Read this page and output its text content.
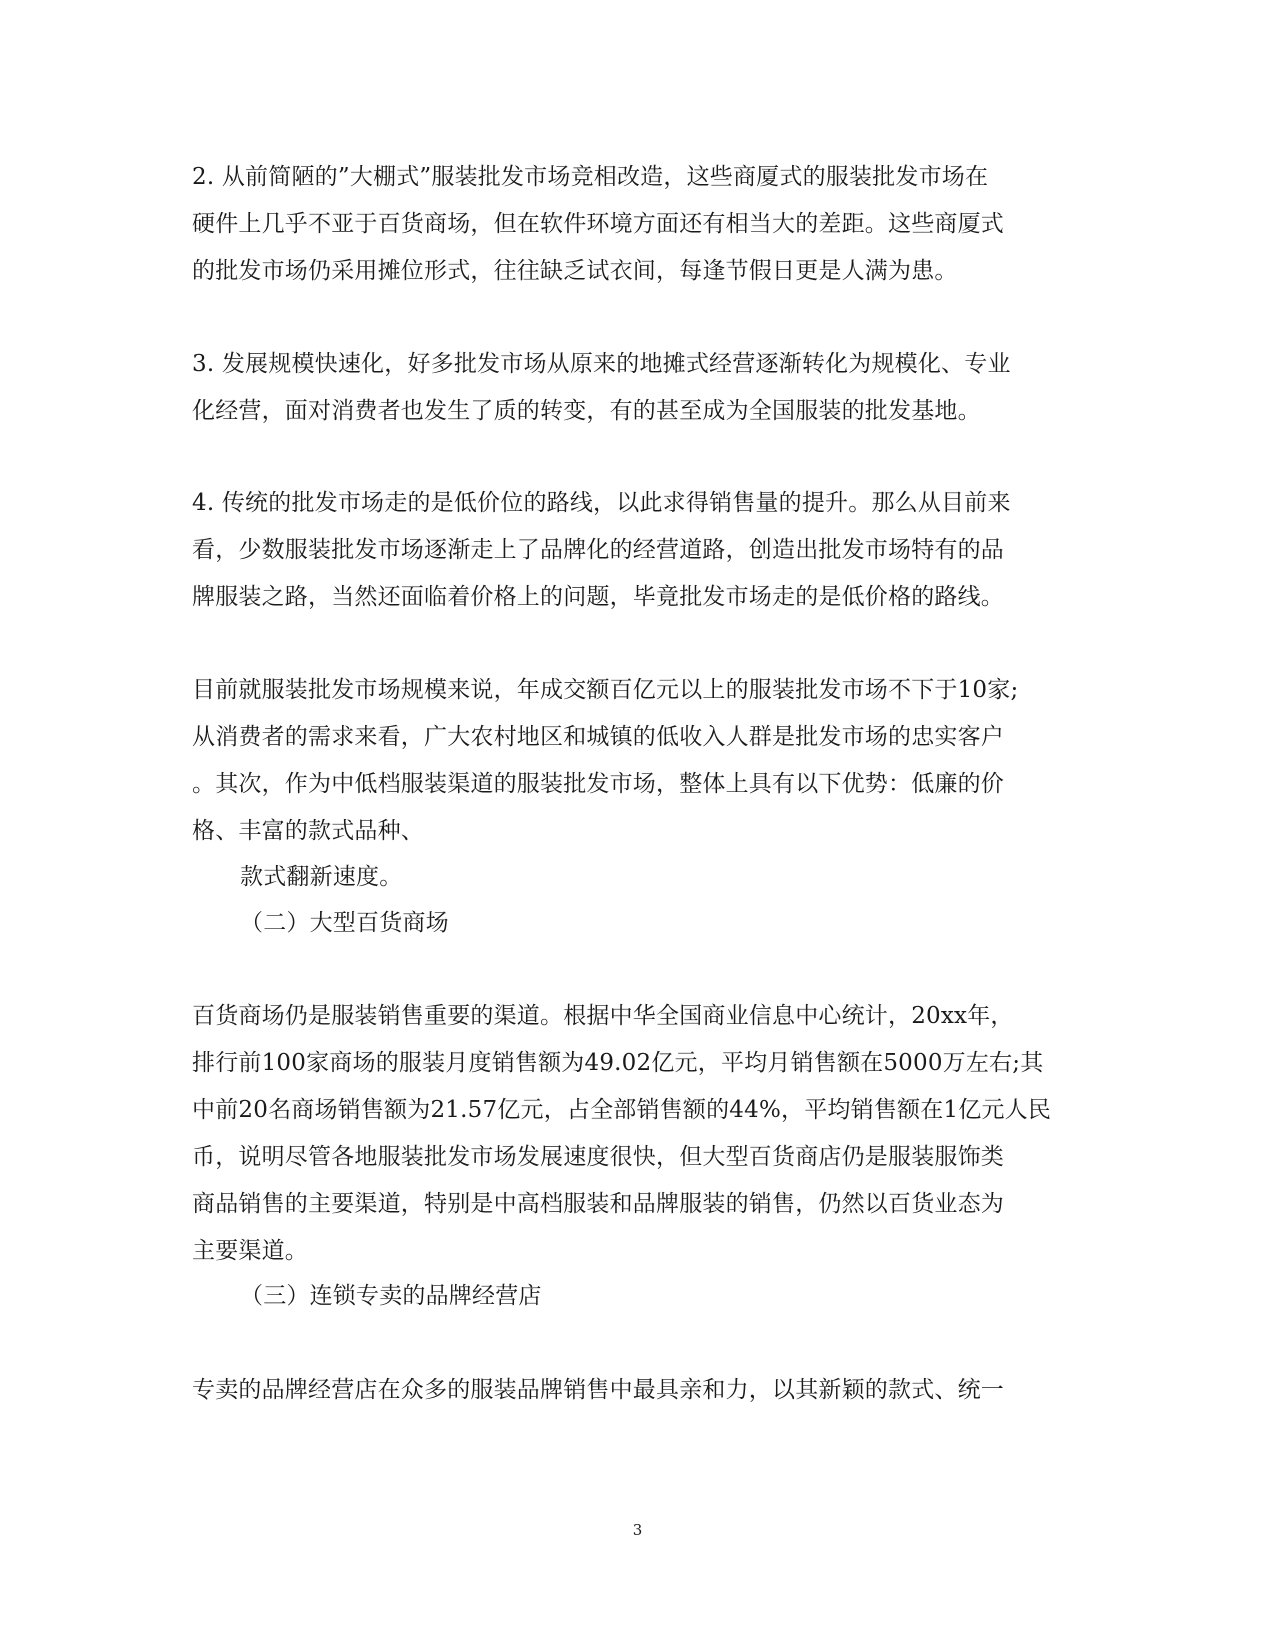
2. 从前简陋的”大棚式”服装批发市场竞相改造，这些商厦式的服装批发市场在

硬件上几乎不亚于百货商场，但在软件环境方面还有相当大的差距。这些商厦式

的批发市场仍采用摊位形式，往往缺乏试衣间，每逢节假日更是人满为患。

3. 发展规模快速化，好多批发市场从原来的地摊式经营逐渐转化为规模化、专业

化经营，面对消费者也发生了质的转变，有的甚至成为全国服装的批发基地。

4. 传统的批发市场走的是低价位的路线，以此求得销售量的提升。那么从目前来

看，少数服装批发市场逐渐走上了品牌化的经营道路，创造出批发市场特有的品

牌服装之路，当然还面临着价格上的问题，毕竟批发市场走的是低价格的路线。

目前就服装批发市场规模来说，年成交额百亿元以上的服装批发市场不下于10家;

从消费者的需求来看，广大农村地区和城镇的低收入人群是批发市场的忠实客户

。其次，作为中低档服装渠道的服装批发市场，整体上具有以下优势：低廉的价

格、丰富的款式品种、

款式翻新速度。

（二）大型百货商场

百货商场仍是服装销售重要的渠道。根据中华全国商业信息中心统计，20xx年，

排行前100家商场的服装月度销售额为49.02亿元，平均月销售额在5000万左右;其

中前20名商场销售额为21.57亿元，占全部销售额的44%，平均销售额在1亿元人民

币，说明尽管各地服装批发市场发展速度很快，但大型百货商店仍是服装服饰类

商品销售的主要渠道，特别是中高档服装和品牌服装的销售，仍然以百货业态为

主要渠道。

（三）连锁专卖的品牌经营店

专卖的品牌经营店在众多的服装品牌销售中最具亲和力，以其新颖的款式、统一

3
